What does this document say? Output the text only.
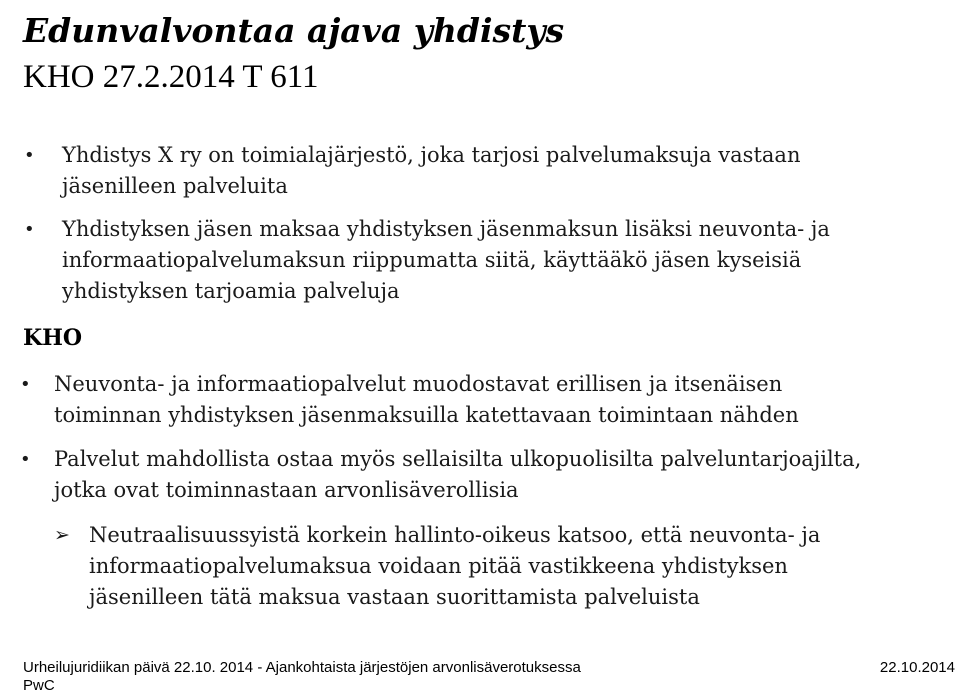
Edunvalvontaa ajava yhdistys
KHO 27.2.2014 T 611
• Yhdistys X ry on toimialajärjestö, joka tarjosi palvelumaksuja vastaan
jäsenilleen palveluita
• Yhdistyksen jäsen maksaa yhdistyksen jäsenmaksun lisäksi neuvonta- ja
informaatiopalvelumaksun riippumatta siitä, käyttääkö jäsen kyseisiä
yhdistyksen tarjoamia palveluja
KHO
• Neuvonta- ja informaatiopalvelut muodostavat erillisen ja itsenäisen
toiminnan yhdistyksen jäsenmaksuilla katettavaan toimintaan nähden
• Palvelut mahdollista ostaa myös sellaisilta ulkopuolisilta palveluntarjoajilta,
jotka ovat toiminnastaan arvonlisäverollisia
➢ Neutraalisuussyistä korkein hallinto-oikeus katsoo, että neuvonta- ja
informaatiopalvelumaksua voidaan pitää vastikkeena yhdistyksen
jäsenilleen tätä maksua vastaan suorittamista palveluista
Urheilujuridiikan päivä 22.10. 2014 - Ajankohtaista järjestöjen arvonlisäverotuksessa
PwC
22.10.2014
